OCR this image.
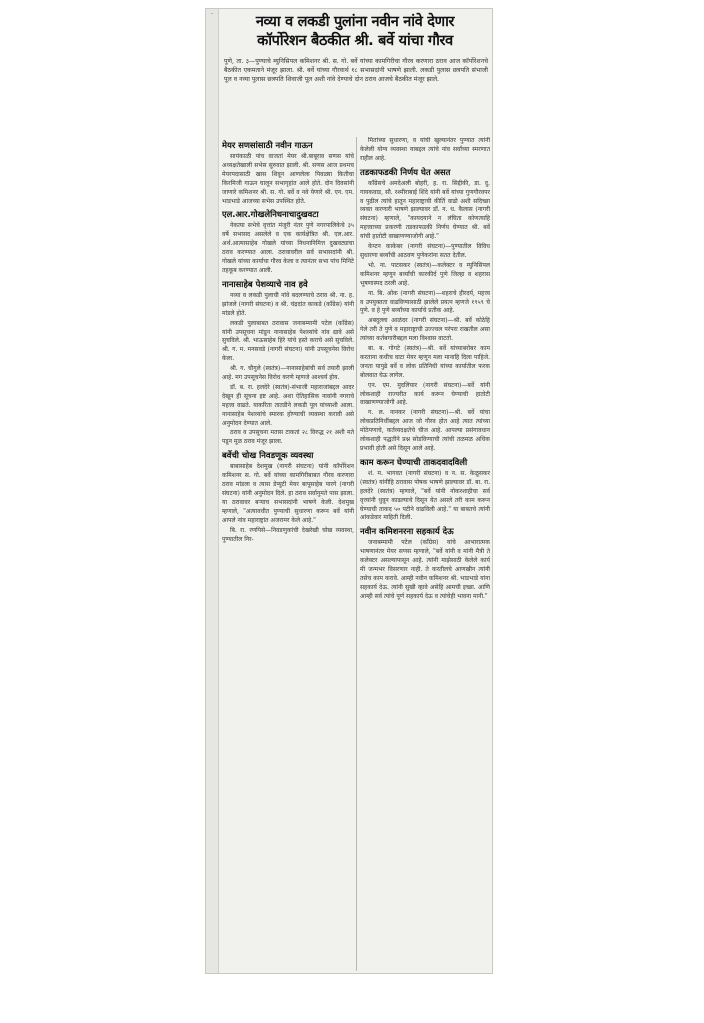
·	नव्या व लकडी पुलांना नवीन नांवे देणार
कॉर्पोरेशन बैठकीत श्री. बर्वे यांचा गौरव
पुणे, ता. ३—पुण्याचे म्युनिसिपल कमिशनर श्री. स. गो. बर्वे यांच्या कामगिरीचा गौरव करणारा ठराव आज कॉर्पोरेशनचे बैठकीत एकमताने मंजूर झाला. श्री. बर्वे यांच्या गौरवार्थ १८ सभासदांनी भाषणे झाली. लकडी पुलास छत्रपति संभाजी पूल व नव्या पुलास छत्रपति शिवाजी पूल अशी नांवे देण्याचे दोन ठराव आजचे बैठकीत मंजूर झाले.
मेयर सणसांसाठी नवीन गाऊन

सायंकाळी पांच वाजतां मेयर श्री.बाबूराव सणस यांचे अध्यक्षतेखाली सभेस सुरुवात झाली. श्री. सणस आज प्रथमच मेयरपदासाठी खास शिवून आणलेला पिवळ्या कितीचा किरमिजी गाऊन घालून सभागृहांत आले होते. दोन दिवसांनी जाणारे कमिशनर श्री. स. गो. बर्वे व नवे येणारे श्री. एन. एम. भाडभाडे आजच्या सभेस उपस्थित होते.

एल.आर.गोखलेनिधनाचादुखवटा

नेकत्या सभेचे वृत्तांत मंजुरी नंतर पुणे नगरपालिकेचे ३५ वर्षे सभासद असलेले व एक कार्यक्षेत्रित श्री. एल.आर. अर्थ.आत्मासाहेब गोखले यांच्या निधनानिमित्त दुखवट्याचा ठराव करण्यात आला. ठरावावरील सर्व सभासदांनी श्री. गोखले यांच्या कार्याचा गौरव केला व त्यानंतर सभा पांच मिनिटे तहकूब करण्यात आली.

नानासाहेब पेशव्याचे नाव हवे

नव्या व लकडी पुलाची नांवे बदलण्याचे ठराव श्री. ना. ह. झांजले (नागरी संघटना) व श्री. चंद्रदांत काकडे (कॉंग्रेस) यांनी मांडले होते.

लकडी पुलाबाबत ठरावास जनाबम्मामी पटेल (कॉंग्रेस) यांनी उपसूचना मांडून नानासाहेब पेशव्यांचे नांव द्यावे असे सुचविले. श्री. भाऊसाहेब हिरे यांचे हस्ते कराचे असे सुचविले. श्री. ग. म. मनसवडे (नागरी संघटना) यांनी उपसूचनेस विरोध केला.

श्री. ग. चौगुले (स्वतंत्र)—नानासाहेबांची सर्व तयारी झाली आहे. मग उपसूचनेस विरोध करणे म्हणजे आश्चर्य होय.

डॉ. ब. रा. हलदेरे (स्वतंत्र)-संभाजी महाराजांबद्दल आदर देखून ही सूचना इष्ट आहे. अशा ऐतिहासिक नावांनी नगराचे महत्त्व वाढते. याकरिता तातडीने लकडी पूल यांच्याशी आला. नानासाहेब पेशव्यांचे स्मारक होण्याची व्यवस्था करावी असे अनुमोदन देण्यात आले.

ठराव व उपसूचना मतास टाकतां २८ विरुद्ध २१ अशी मते पडून मूळ ठराव मंजूर झाला.

बर्वेची चोख निवडणूक व्यवस्था

बाबासाहेब देशमुख (नागरी संघटना) यांनी कॉर्पोरेशन कमिशनर स. गो. बर्वे यांच्या कामगिरीबाबत गौरव करणारा ठराव मांडला व त्यास डेप्युटी मेयर बापूसाहेब पारगे (नागरी संघटना) यांनी अनुमोदन दिले. हा ठराव सर्वानुमते पास झाला. या ठरावावर बऱ्याच सभासदांनी भाषणे केली. देशमुख म्हणाले, "अत्यावधीत पुण्याची सुधारणा करून बर्वे यांनी आपले नांव महाराष्ट्रांत अजरामर केले आहे."

बि. रा. रणपिसे—निवडणुकांची देखरेखी चोख व्यवस्था, पुण्यातील निर-

मितांच्या सुधारणा, व यांची खुल्यानंतर पुण्यात त्यांनी केलेली योग्य व्यवस्था याबद्दल त्यांचे नांव सर्वांच्या स्मरणात राहील आहे.

तडकाफडकी निर्णय घेत असत

कॉंग्रेसचे अमदेअली बोहरी, ह. रा. सिद्दीकी, डा. दु. गायकवाड, सौ. रश्मीराबाई शिंदे यांनी बर्वे यांच्या गुणगौरवपर व पुढील त्यांचे हातून महाराष्ट्राची कीर्ति वाढो अशी सदिच्छा व्यक्त करणारी भाषणे झाल्यावर डॉ. न. ध. कैलास (नागरी संघटना) म्हणाले, "कायदयाने न लंघिता कोणत्याहि महत्त्वाच्या प्रकरणी तडकाफडकी निर्णय घेण्यात श्री. बर्वे यांची हातोटी वाखाणण्याजोगी आहे."

केप्टन काकेबर (नागरी संघटना)—पुण्यातील विविध सुधारणा बर्व्यांची आठवण पुणेकरांना सतत देतील.

भो. ना. पाटसकर (स्वतंत्र)—कलेक्टर व म्युनिसिपल कमिशनर म्हणून बर्व्यांची कारकीर्द पुणे जिल्हा व शहरास भूषणास्पद ठरली आहे.

ना. बि. ओक (नागरी संघटना)—शहराचे हीरदर्य, महत्त्व व उपयुक्तता वाढविण्यासाठी झालेले प्रयत्न म्हणजे १९५९ चे पुणे. व हे पुणे बर्व्यांच्या कार्याचे प्रतीक आहे.

अबदुल्ला आळंदर (नागरी संघटना)—श्री. बर्वे कोठेहि गेले तरी ते पुणे व महाराष्ट्राची उज्ज्वल परंपरा राखतील असा त्यांच्या कर्तबगारीबद्दल मला विश्वास वाटतो.

बा. ब. गोगटे (स्वतंत्र)—श्री. बर्वे यांच्याबरोबर काम करताना कधीच वाटा मेयर म्हणून मला मानाहि दिला पाहिजे. जनता यापुढे बर्वे व लोक प्रतिनिधी यांच्या कार्यातील फरक बोलवात घेऊ लागेल.

एन. एम. मुदलियार (नागरी संघटना)—बर्वे यांनी लोकशाही राज्यरीत कार्य करून घेण्याची हातोटी वाखाणण्याजोगी आहे.

ग. ल. नानकर (नागरी संघटना)—श्री. बर्वे यांचा लोकप्रतिनिधींबद्दल आज जो गौरव होत आहे त्यात त्यांच्या मोठेपणाचे, कर्तव्यदक्षतेचे चीज आहे. आपल्या प्रसंगावधान लोकशाही पद्धतीने प्रश्न सोडविण्याची त्यांची तळमळ अधिक प्रभावी होती असे दिसून आले आहे.

काम करून घेण्याची ताकदवादविली

शं. म. भागवत (नागरी संघटना) व न. स. केळूसकर (स्वतंत्र) यांनीहि ठरावास पोषक भाषणे झाल्यावर डॉ. बा. रा. हलदेरे (स्वतंत्र) म्हणाले, "बर्वे यांनी नोकरशाहीचा सर्व वृत्त्यांनी धुवून काढल्याचे दिसून येत असले तरी काम करून घेण्याची ताकद ५० पटीने वाढविली आहे." या बाबतचे त्यांनी आंकडेवार माहिती दिली.

नवीन कमिशनरना सहकार्य देऊ

जनाबम्मामी पटेल (कॉंग्रेस) यांचे आभारात्मक भाषणानंतर मेयर सणस म्हणाले, "बर्वे यांनी व मांनी मैत्री ते कलेक्टर असल्यापासून आहे. त्यांनी माझेसाठी केलेले कार्य मी जन्मभर विसरणार नाही. ते करतीलचे आणखीन त्यांनी तसेच काम करावे. आम्ही नवीन कमिशनर श्री. भाडभाडे यांना सहकार्य देऊ. त्यांनी सुखी व्हावे असेहि आमची इच्छा. आणि आम्ही सर्व त्यांचे पूर्ण सहकार्य देऊ व त्यांचेही भावना मानी."
